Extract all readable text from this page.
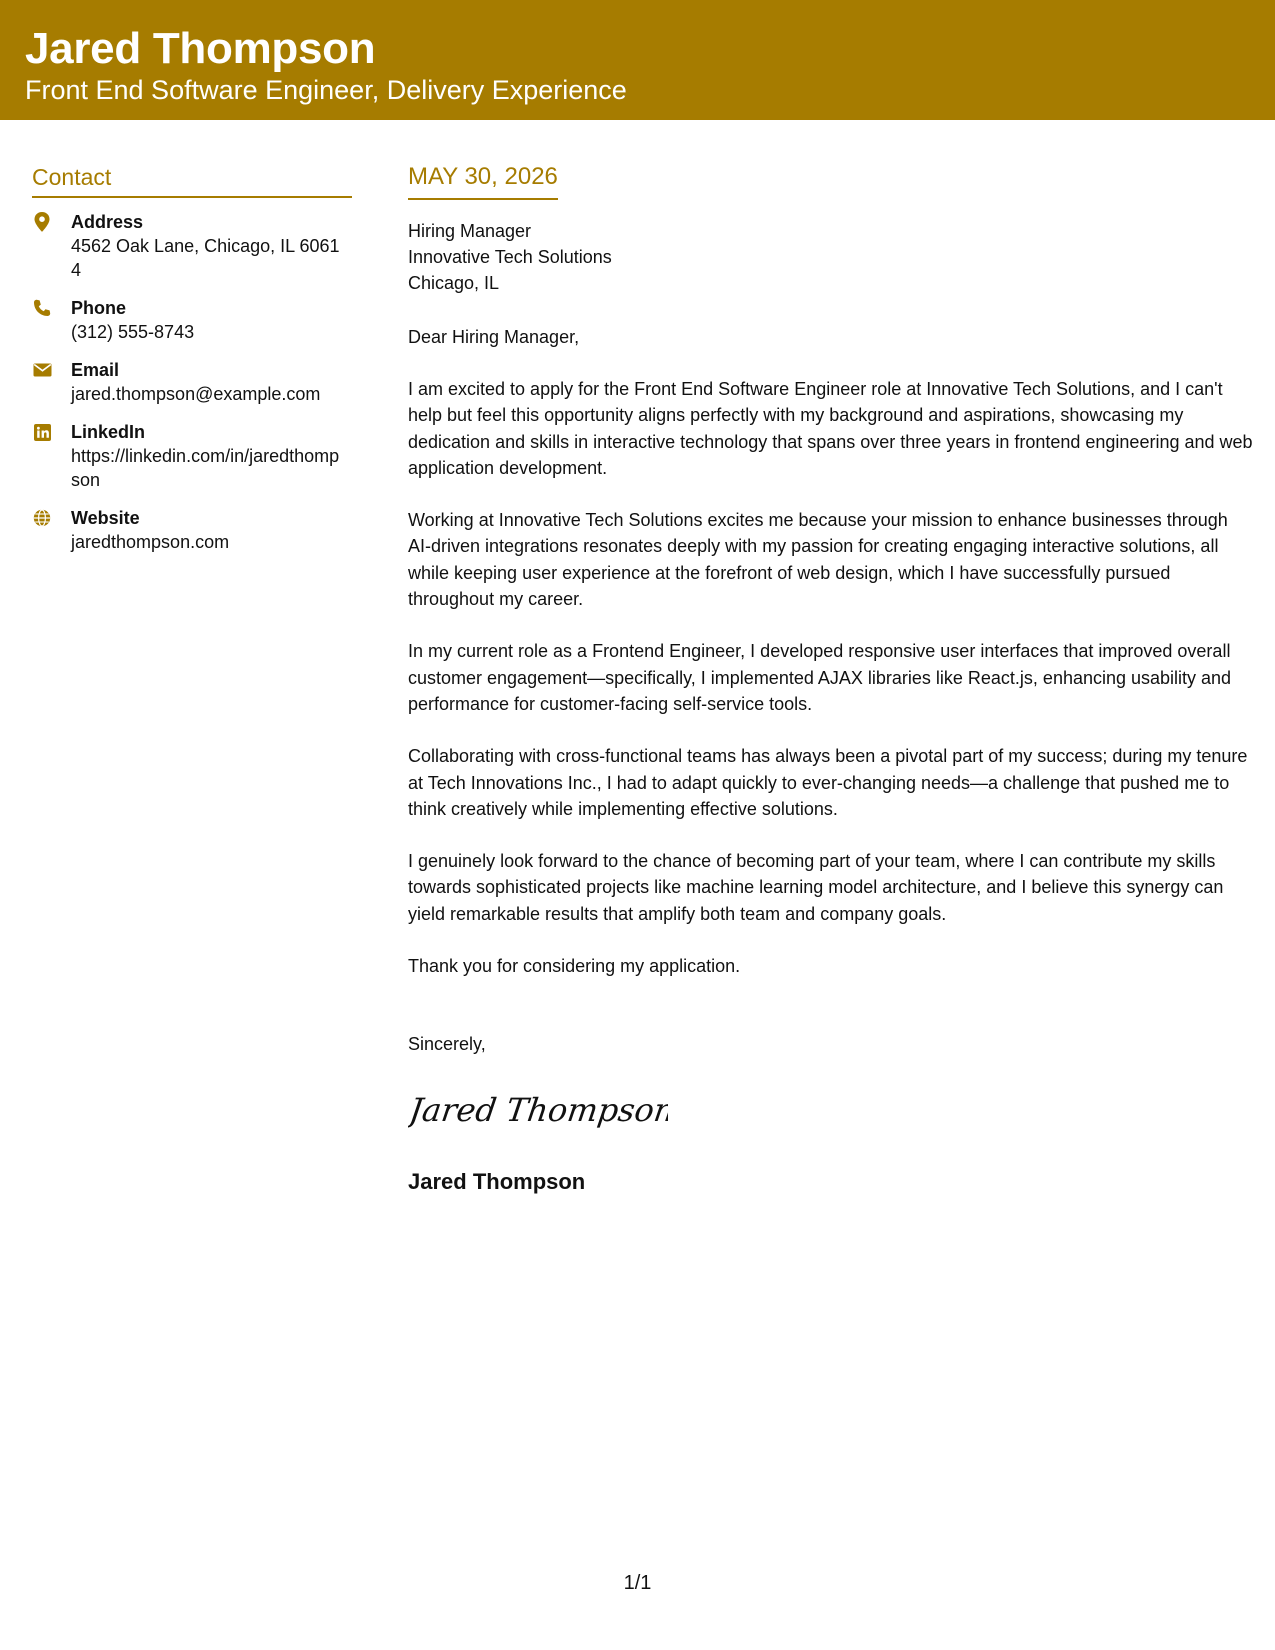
Jared Thompson
Front End Software Engineer, Delivery Experience
Contact
Address
4562 Oak Lane, Chicago, IL 60614
Phone
(312) 555-8743
Email
jared.thompson@example.com
LinkedIn
https://linkedin.com/in/jaredthompson
Website
jaredthompson.com
MAY 30, 2026
Hiring Manager
Innovative Tech Solutions
Chicago, IL
Dear Hiring Manager,
I am excited to apply for the Front End Software Engineer role at Innovative Tech Solutions, and I can't help but feel this opportunity aligns perfectly with my background and aspirations, showcasing my dedication and skills in interactive technology that spans over three years in frontend engineering and web application development.
Working at Innovative Tech Solutions excites me because your mission to enhance businesses through AI-driven integrations resonates deeply with my passion for creating engaging interactive solutions, all while keeping user experience at the forefront of web design, which I have successfully pursued throughout my career.
In my current role as a Frontend Engineer, I developed responsive user interfaces that improved overall customer engagement—specifically, I implemented AJAX libraries like React.js, enhancing usability and performance for customer-facing self-service tools.
Collaborating with cross-functional teams has always been a pivotal part of my success; during my tenure at Tech Innovations Inc., I had to adapt quickly to ever-changing needs—a challenge that pushed me to think creatively while implementing effective solutions.
I genuinely look forward to the chance of becoming part of your team, where I can contribute my skills towards sophisticated projects like machine learning model architecture, and I believe this synergy can yield remarkable results that amplify both team and company goals.
Thank you for considering my application.
Sincerely,
Jared Thompson
Jared Thompson
1/1
